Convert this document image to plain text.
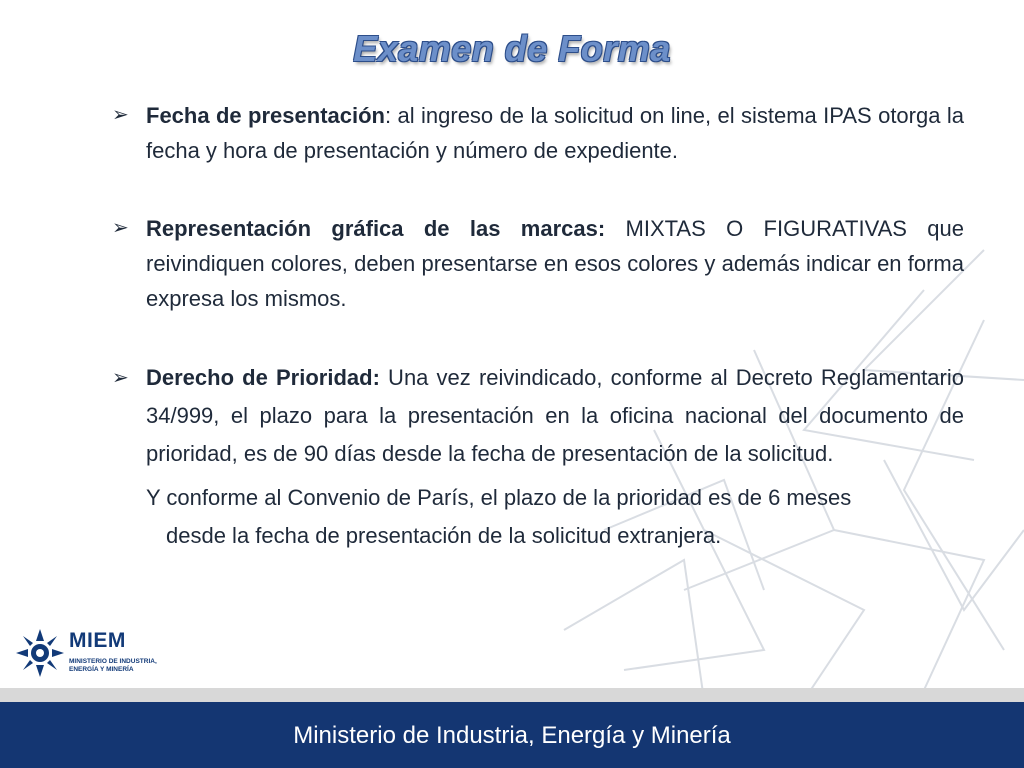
Examen de Forma
➢ Fecha de presentación: al ingreso de la solicitud on line, el sistema IPAS otorga la fecha y hora de presentación y número de expediente.
➢ Representación gráfica de las marcas: MIXTAS O FIGURATIVAS que reivindiquen colores, deben presentarse en esos colores y además indicar en forma expresa los mismos.
➢ Derecho de Prioridad: Una vez reivindicado, conforme al Decreto Reglamentario 34/999, el plazo para la presentación en la oficina nacional del documento de prioridad, es de 90 días desde la fecha de presentación de la solicitud.
Y conforme al Convenio de París, el plazo de la prioridad es de 6 meses
desde la fecha de presentación de la solicitud extranjera.
MIEM
MINISTERIO DE INDUSTRIA, ENERGÍA Y MINERÍA
Ministerio de Industria, Energía y Minería
